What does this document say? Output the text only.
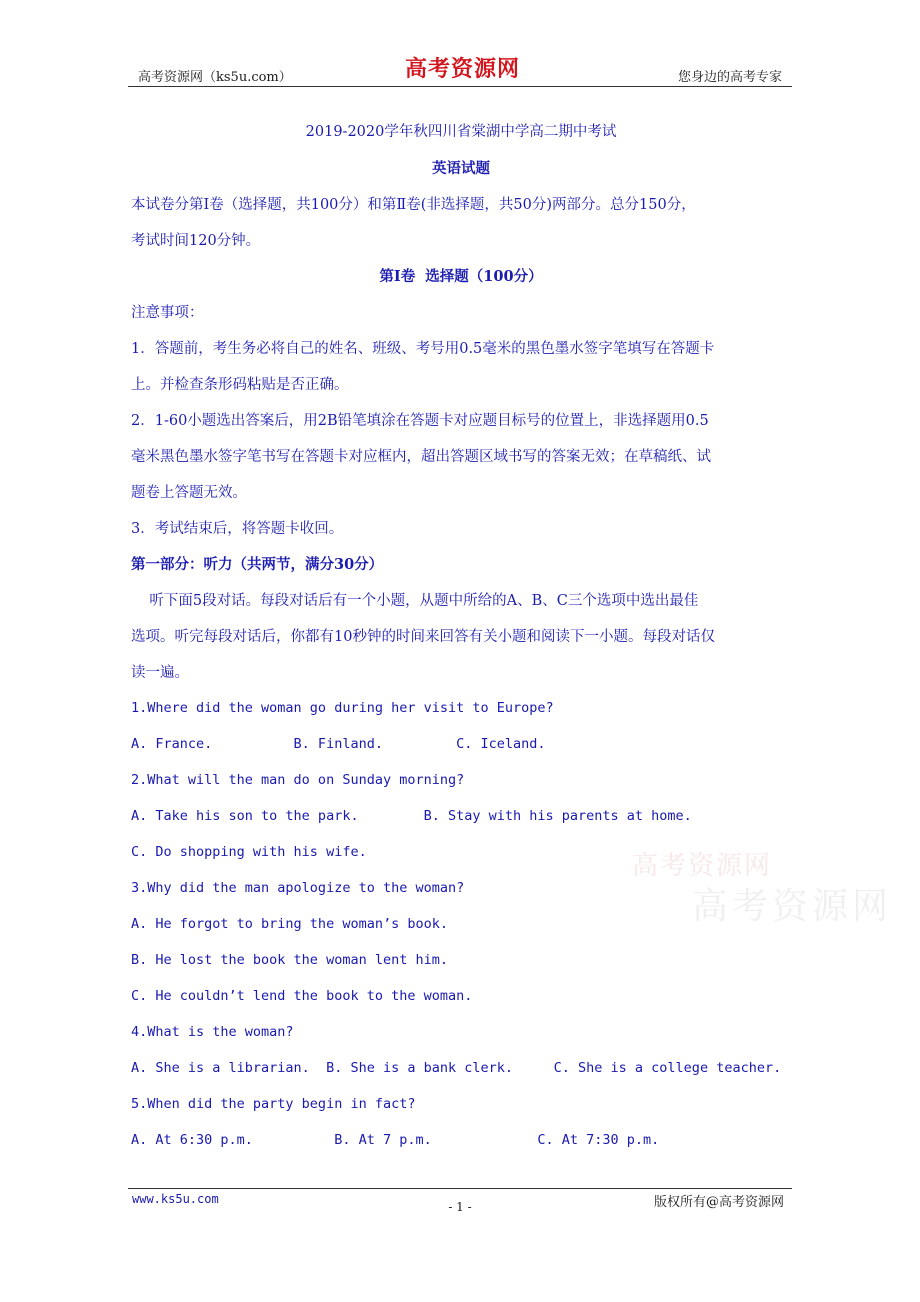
高考资源网（ks5u.com）	高考资源网	您身边的高考专家
2019-2020学年秋四川省棠湖中学高二期中考试
英语试题
本试卷分第Ⅰ卷（选择题，共100分）和第Ⅱ卷(非选择题，共50分)两部分。总分150分，
考试时间120分钟。
第Ⅰ卷  选择题（100分）
注意事项：
1．答题前，考生务必将自己的姓名、班级、考号用0.5毫米的黑色墨水签字笔填写在答题卡
上。并检查条形码粘贴是否正确。
2．1-60小题选出答案后，用2B铅笔填涂在答题卡对应题目标号的位置上，非选择题用0.5
毫米黑色墨水签字笔书写在答题卡对应框内，超出答题区域书写的答案无效；在草稿纸、试
题卷上答题无效。
3．考试结束后，将答题卡收回。
第一部分：听力（共两节，满分30分）
听下面5段对话。每段对话后有一个小题，从题中所给的A、B、C三个选项中选出最佳
选项。听完每段对话后，你都有10秒钟的时间来回答有关小题和阅读下一小题。每段对话仅
读一遍。
1.Where did the woman go during her visit to Europe?
A. France.          B. Finland.         C. Iceland.
2.What will the man do on Sunday morning?
A. Take his son to the park.        B. Stay with his parents at home.
C. Do shopping with his wife.
3.Why did the man apologize to the woman?
A. He forgot to bring the woman’s book.
B. He lost the book the woman lent him.
C. He couldn’t lend the book to the woman.
4.What is the woman?
A. She is a librarian.  B. She is a bank clerk.     C. She is a college teacher.
5.When did the party begin in fact?
A. At 6:30 p.m.          B. At 7 p.m.             C. At 7:30 p.m.
高考资源网
高考资源网
www.ks5u.com
- 1 -	版权所有@高考资源网
